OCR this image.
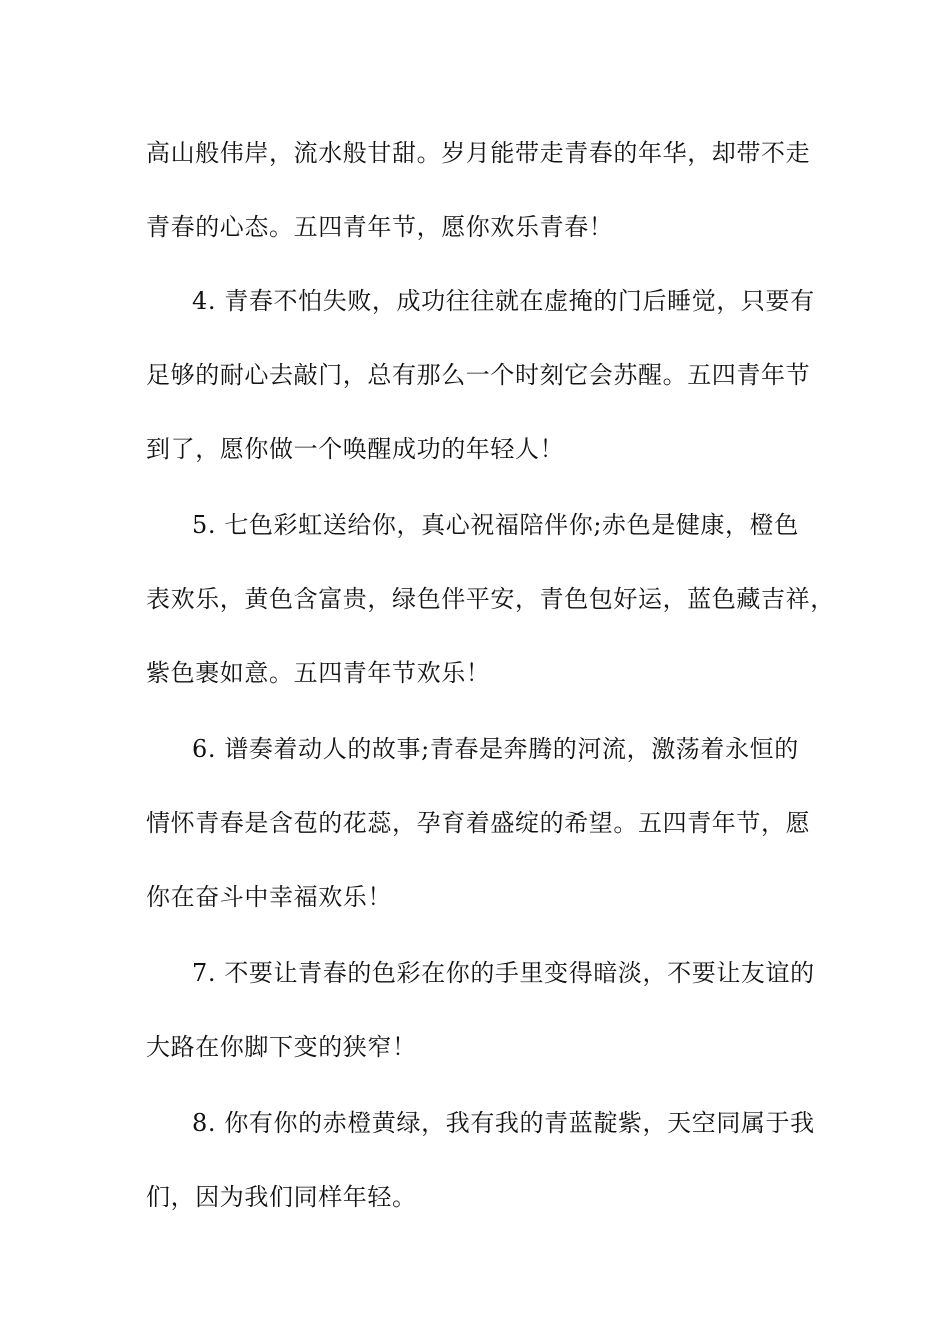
高山般伟岸，流水般甘甜。岁月能带走青春的年华，却带不走
青春的心态。五四青年节，愿你欢乐青春！
4. 青春不怕失败，成功往往就在虚掩的门后睡觉，只要有
足够的耐心去敲门，总有那么一个时刻它会苏醒。五四青年节
到了，愿你做一个唤醒成功的年轻人！
5. 七色彩虹送给你，真心祝福陪伴你;赤色是健康，橙色
表欢乐，黄色含富贵，绿色伴平安，青色包好运，蓝色藏吉祥，
紫色裹如意。五四青年节欢乐！
6. 谱奏着动人的故事;青春是奔腾的河流，激荡着永恒的
情怀青春是含苞的花蕊，孕育着盛绽的希望。五四青年节，愿
你在奋斗中幸福欢乐！
7. 不要让青春的色彩在你的手里变得暗淡，不要让友谊的
大路在你脚下变的狭窄！
8. 你有你的赤橙黄绿，我有我的青蓝靛紫，天空同属于我
们，因为我们同样年轻。
